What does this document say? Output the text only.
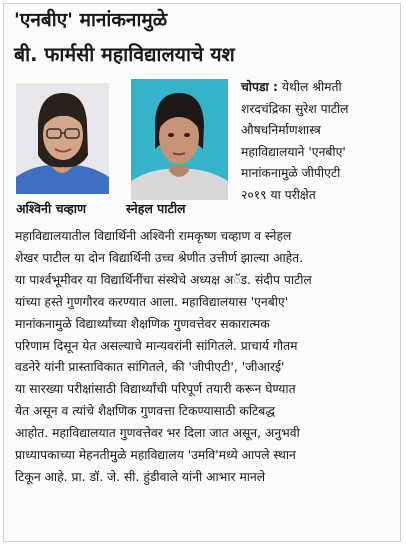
'एनबीए' मानांकनामुळे
बी. फार्मसी महाविद्यालयाचे यश
अश्विनी चव्हाण	स्नेहल पाटील
चोपडा : येथील श्रीमती
शरदचंद्रिका सुरेश पाटील
औषधनिर्माणशास्त्र
महाविद्यालयाने 'एनबीए'
मानांकनामुळे जीपीएटी
२०१९ या परीक्षेत
महाविद्यालयातील विद्यार्थिनी अश्विनी रामकृष्ण चव्हाण व स्नेहल
शेखर पाटील या दोन विद्यार्थिनी उच्च श्रेणीत उत्तीर्ण झाल्या आहेत.
या पार्श्वभूमीवर या विद्यार्थिनींचा संस्थेचे अध्यक्ष अॅड. संदीप पाटील
यांच्या हस्ते गुणगौरव करण्यात आला. महाविद्यालयास 'एनबीए'
मानांकनामुळे विद्यार्थ्यांच्या शैक्षणिक गुणवत्तेवर सकारात्मक
परिणाम दिसून येत असल्याचे मान्यवरांनी सांगितले. प्राचार्य गौतम
वडनेरे यांनी प्रास्ताविकात सांगितले, की 'जीपीएटी', 'जीआरई'
या सारख्या परीक्षांसाठी विद्यार्थ्यांची परिपूर्ण तयारी करून घेण्यात
येत असून व त्यांचे शैक्षणिक गुणवत्ता टिकण्यासाठी कटिबद्ध
आहोत. महाविद्यालयात गुणवत्तेवर भर दिला जात असून, अनुभवी
प्राध्यापकाच्या मेहनतीमुळे महाविद्यालय 'उमवि'मध्ये आपले स्थान
टिकून आहे. प्रा. डॉ. जे. सी. हुंडीवाले यांनी आभार मानले
